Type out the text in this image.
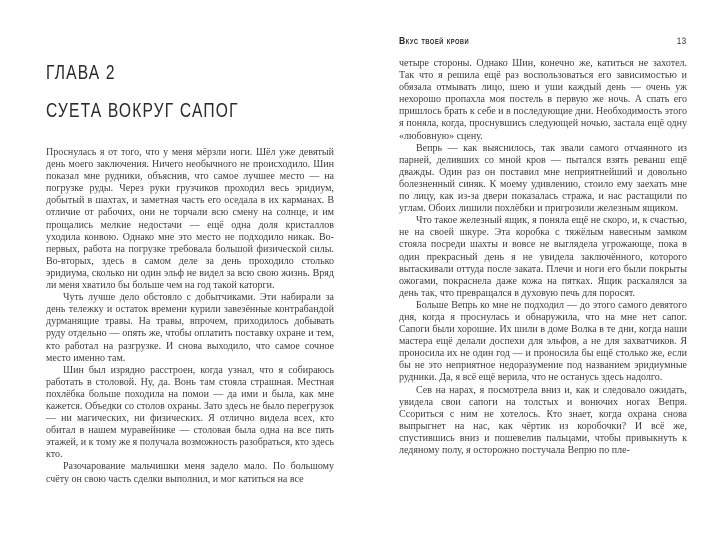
ГЛАВА 2
СУЕТА ВОКРУГ САПОГ

Проснулась я от того, что у меня мёрзли ноги. Шёл уже девятый день моего заключения. Ничего необычного не происходило. Шин показал мне рудники, объяснив, что самое лучшее место — на погрузке руды. Через руки грузчиков проходил весь эридиум, добытый в шахтах, и заметная часть его оседала в их карманах. В отличие от рабочих, они не торчали всю смену на солнце, и им прощались мелкие недостачи — ещё одна доля кристаллов уходила конвою. Однако мне это место не подходило никак. Во-первых, работа на погрузке требовала большой физической силы. Во-вторых, здесь в самом деле за день проходило столько эридиума, сколько ни один эльф не видел за всю свою жизнь. Вряд ли меня хватило бы больше чем на год такой каторги.

Чуть лучше дело обстояло с добытчиками. Эти набирали за день тележку и остаток времени курили завезённые контрабандой дурманящие травы. На травы, впрочем, приходилось добывать руду отдельно — опять же, чтобы оплатить поставку охране и тем, кто работал на разгрузке. И снова выходило, что самое сочное место именно там.

Шин был изрядно расстроен, когда узнал, что я собираюсь работать в столовой. Ну, да. Вонь там стояла страшная. Местная похлёбка больше походила на помои — да ими и была, как мне кажется. Объедки со столов охраны. Зато здесь не было перегрузок — ни магических, ни физических. Я отлично видела всех, кто обитал в нашем муравейнике — столовая была одна на все пять этажей, и к тому же я получала возможность разобраться, кто здесь кто.

Разочарование мальчишки меня задело мало. По большому счёту он свою часть сделки выполнил, и мог катиться на все

Вкус твоей крови	13

четыре стороны. Однако Шин, конечно же, катиться не захотел. Так что я решила ещё раз воспользоваться его зависимостью и обязала отмывать лицо, шею и уши каждый день — очень уж нехорошо пропахла моя постель в первую же ночь. А спать его пришлось брать к себе и в последующие дни. Необходимость этого я поняла, когда, проснувшись следующей ночью, застала ещё одну «любовную» сцену.

Вепрь — как выяснилось, так звали самого отчаянного из парней, деливших со мной кров — пытался взять реванш ещё дважды. Один раз он поставил мне неприятнейший и довольно болезненный синяк. К моему удивлению, стоило ему заехать мне по лицу, как из-за двери показалась стража, и нас растащили по углам. Обоих лишили похлёбки и пригрозили железным ящиком.

Что такое железный ящик, я поняла ещё не скоро, и, к счастью, не на своей шкуре. Эта коробка с тяжёлым навесным замком стояла посреди шахты и вовсе не выглядела угрожающе, пока в один прекрасный день я не увидела заключённого, которого вытаскивали оттуда после заката. Плечи и ноги его были покрыты ожогами, покраснела даже кожа на пятках. Ящик раскалялся за день так, что превращался в духовую печь для поросят.

Больше Вепрь ко мне не подходил — до этого самого девятого дня, когда я проснулась и обнаружила, что на мне нет сапог. Сапоги были хорошие. Их шили в доме Волка в те дни, когда наши мастера ещё делали доспехи для эльфов, а не для захватчиков. Я проносила их не один год — и проносила бы ещё столько же, если бы не это неприятное недоразумение под названием эридиумные рудники. Да, я всё ещё верила, что не останусь здесь надолго.

Сев на нарах, я посмотрела вниз и, как и следовало ожидать, увидела свои сапоги на толстых и вонючих ногах Вепря. Ссориться с ним не хотелось. Кто знает, когда охрана снова выпрыгнет на нас, как чёртик из коробочки? И всё же, спустившись вниз и пошевелив пальцами, чтобы привыкнуть к ледяному полу, я осторожно постучала Вепрю по пле-
